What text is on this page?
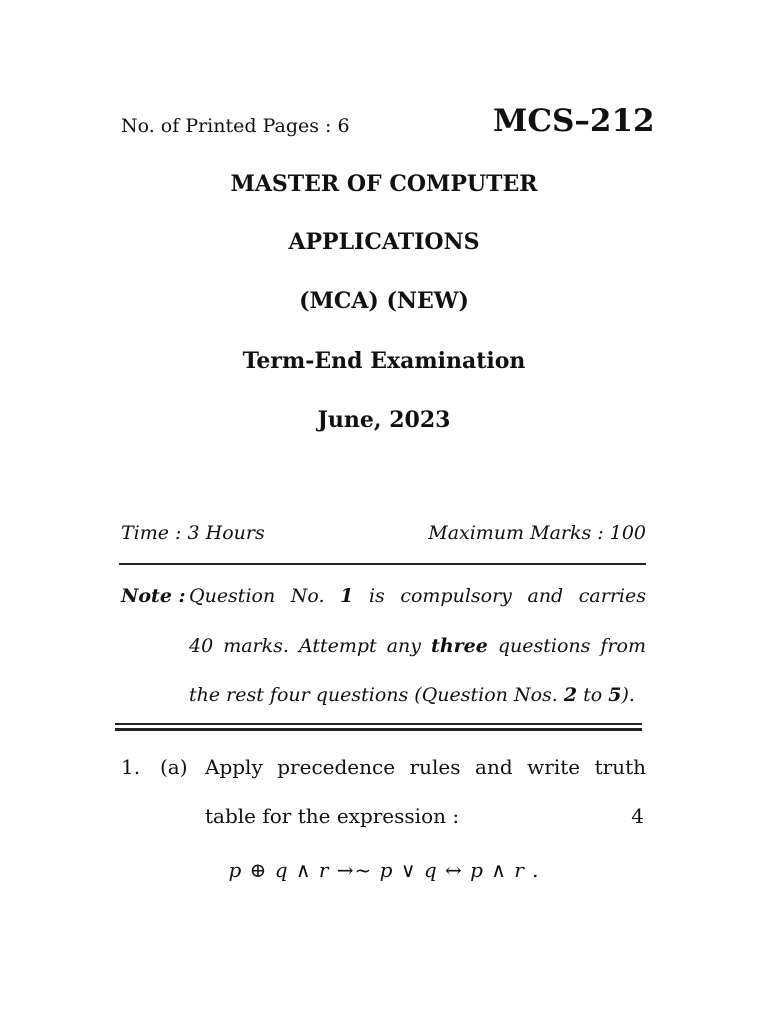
No. of Printed Pages : 6	MCS–212
MASTER OF COMPUTER
APPLICATIONS
(MCA) (NEW)
Term-End Examination
June, 2023
Time : 3 Hours	Maximum Marks : 100
Note : Question No. 1 is compulsory and carries
40 marks. Attempt any three questions from
the rest four questions (Question Nos. 2 to 5).
1. (a) Apply precedence rules and write truth
table for the expression :	4
p ⊕ q ∧ r →~ p ∨ q ↔ p ∧ r .
